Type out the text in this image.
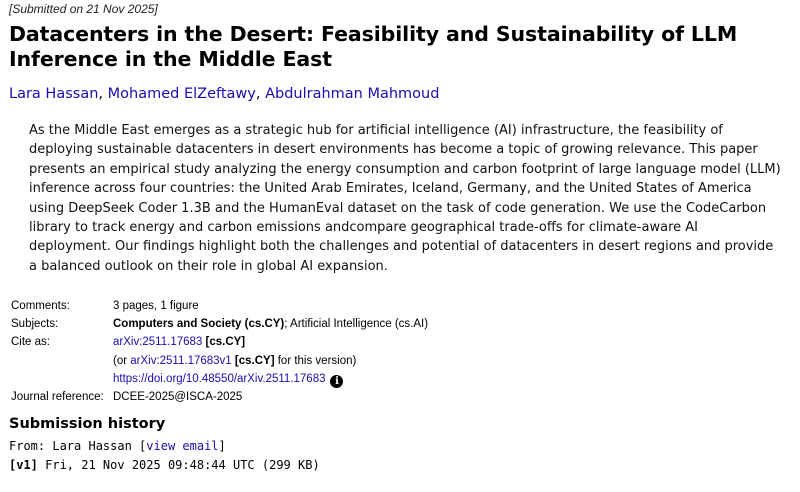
[Submitted on 21 Nov 2025]
Datacenters in the Desert: Feasibility and Sustainability of LLM Inference in the Middle East
Lara Hassan, Mohamed ElZeftawy, Abdulrahman Mahmoud

As the Middle East emerges as a strategic hub for artificial intelligence (AI) infrastructure, the feasibility of deploying sustainable datacenters in desert environments has become a topic of growing relevance. This paper presents an empirical study analyzing the energy consumption and carbon footprint of large language model (LLM) inference across four countries: the United Arab Emirates, Iceland, Germany, and the United States of America using DeepSeek Coder 1.3B and the HumanEval dataset on the task of code generation. We use the CodeCarbon library to track energy and carbon emissions andcompare geographical trade-offs for climate-aware AI deployment. Our findings highlight both the challenges and potential of datacenters in desert regions and provide a balanced outlook on their role in global AI expansion.

Comments:	3 pages, 1 figure
Subjects:	Computers and Society (cs.CY); Artificial Intelligence (cs.AI)
Cite as:	arXiv:2511.17683 [cs.CY]
(or arXiv:2511.17683v1 [cs.CY] for this version)
https://doi.org/10.48550/arXiv.2511.17683 i
Journal reference: DCEE-2025@ISCA-2025
Submission history
From: Lara Hassan [view email]
[v1] Fri, 21 Nov 2025 09:48:44 UTC (299 KB)
